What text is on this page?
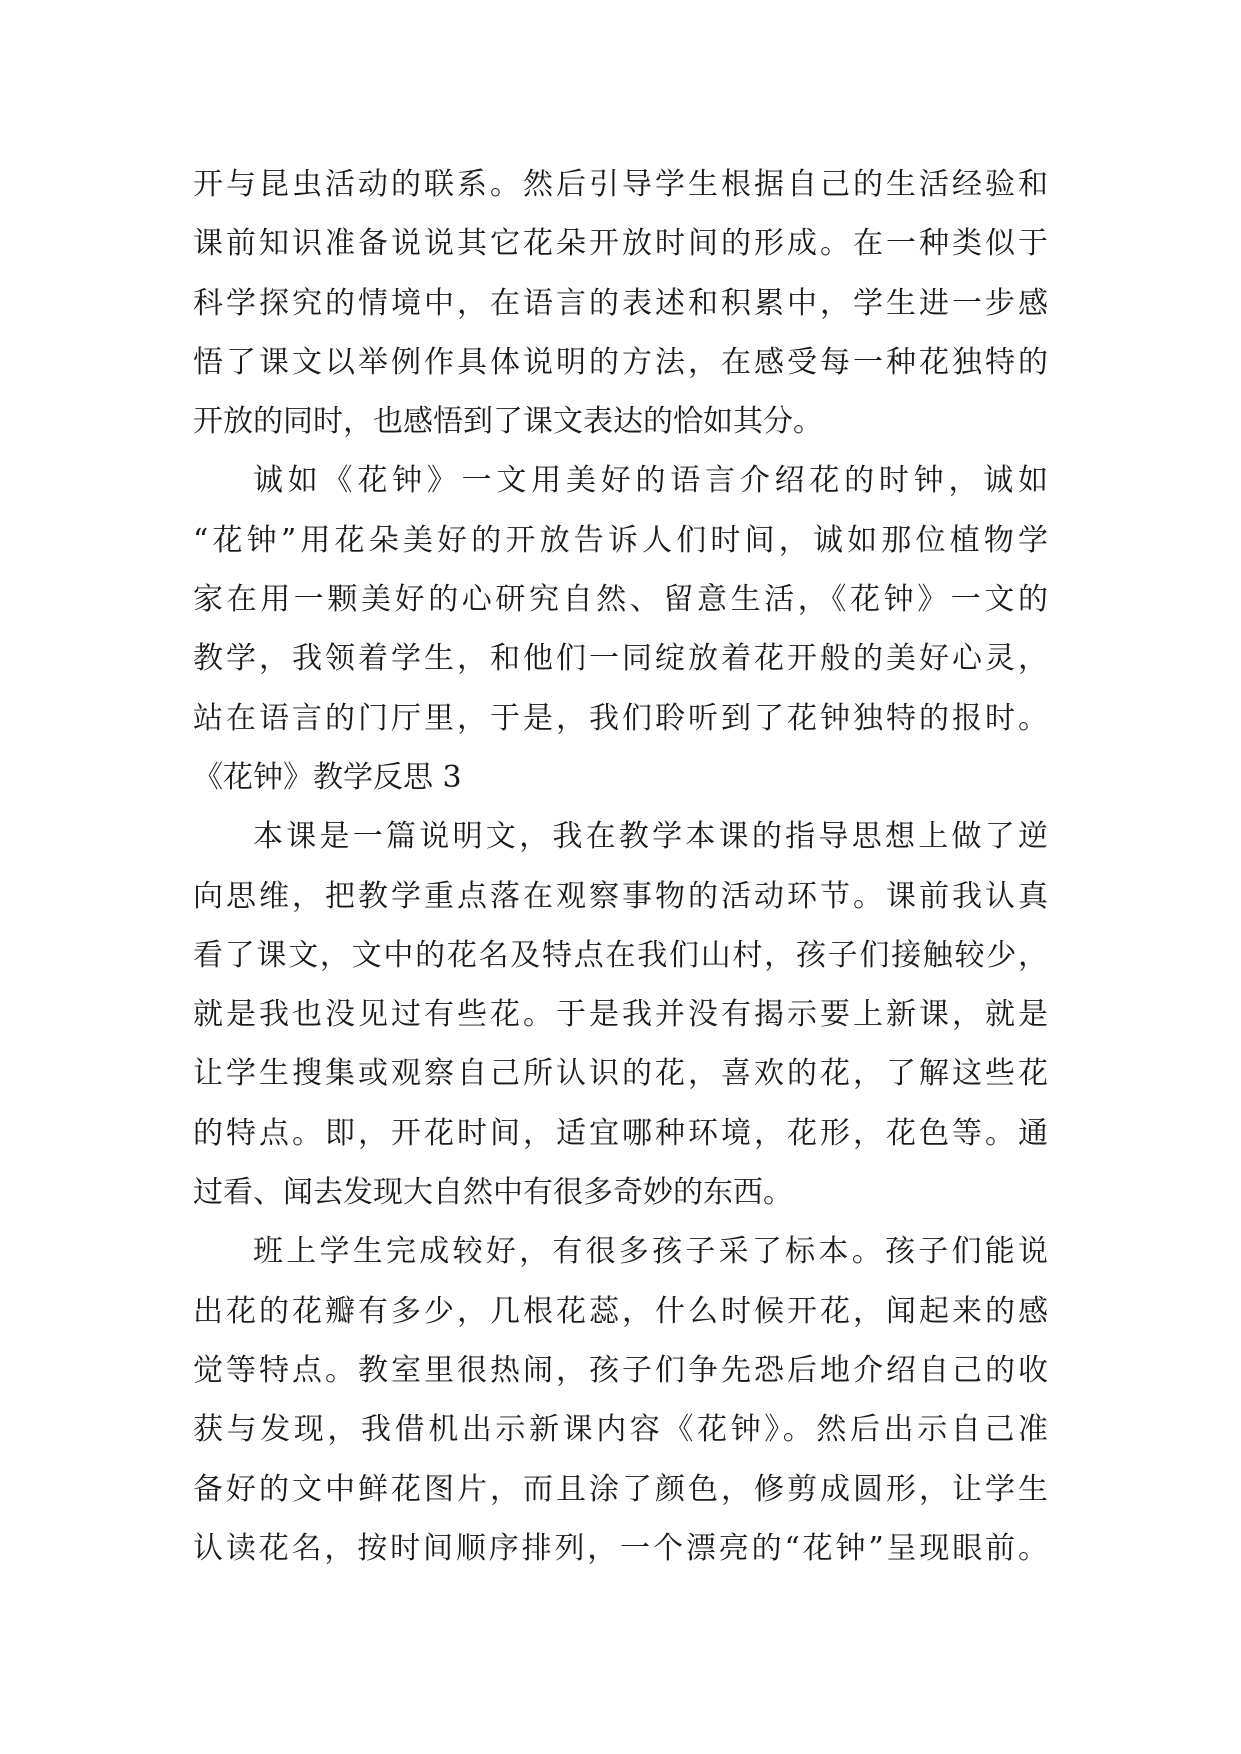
开与昆虫活动的联系。然后引导学生根据自己的生活经验和
课前知识准备说说其它花朵开放时间的形成。在一种类似于
科学探究的情境中，在语言的表述和积累中，学生进一步感
悟了课文以举例作具体说明的方法，在感受每一种花独特的
开放的同时，也感悟到了课文表达的恰如其分。
诚如《花钟》一文用美好的语言介绍花的时钟，诚如
“花钟”用花朵美好的开放告诉人们时间，诚如那位植物学
家在用一颗美好的心研究自然、留意生活，《花钟》一文的
教学，我领着学生，和他们一同绽放着花开般的美好心灵，
站在语言的门厅里，于是，我们聆听到了花钟独特的报时。
《花钟》教学反思 3
本课是一篇说明文，我在教学本课的指导思想上做了逆
向思维，把教学重点落在观察事物的活动环节。课前我认真
看了课文，文中的花名及特点在我们山村，孩子们接触较少，
就是我也没见过有些花。于是我并没有揭示要上新课，就是
让学生搜集或观察自己所认识的花，喜欢的花，了解这些花
的特点。即，开花时间，适宜哪种环境，花形，花色等。通
过看、闻去发现大自然中有很多奇妙的东西。
班上学生完成较好，有很多孩子采了标本。孩子们能说
出花的花瓣有多少，几根花蕊，什么时候开花，闻起来的感
觉等特点。教室里很热闹，孩子们争先恐后地介绍自己的收
获与发现，我借机出示新课内容《花钟》。然后出示自己准
备好的文中鲜花图片，而且涂了颜色，修剪成圆形，让学生
认读花名，按时间顺序排列，一个漂亮的“花钟”呈现眼前。
